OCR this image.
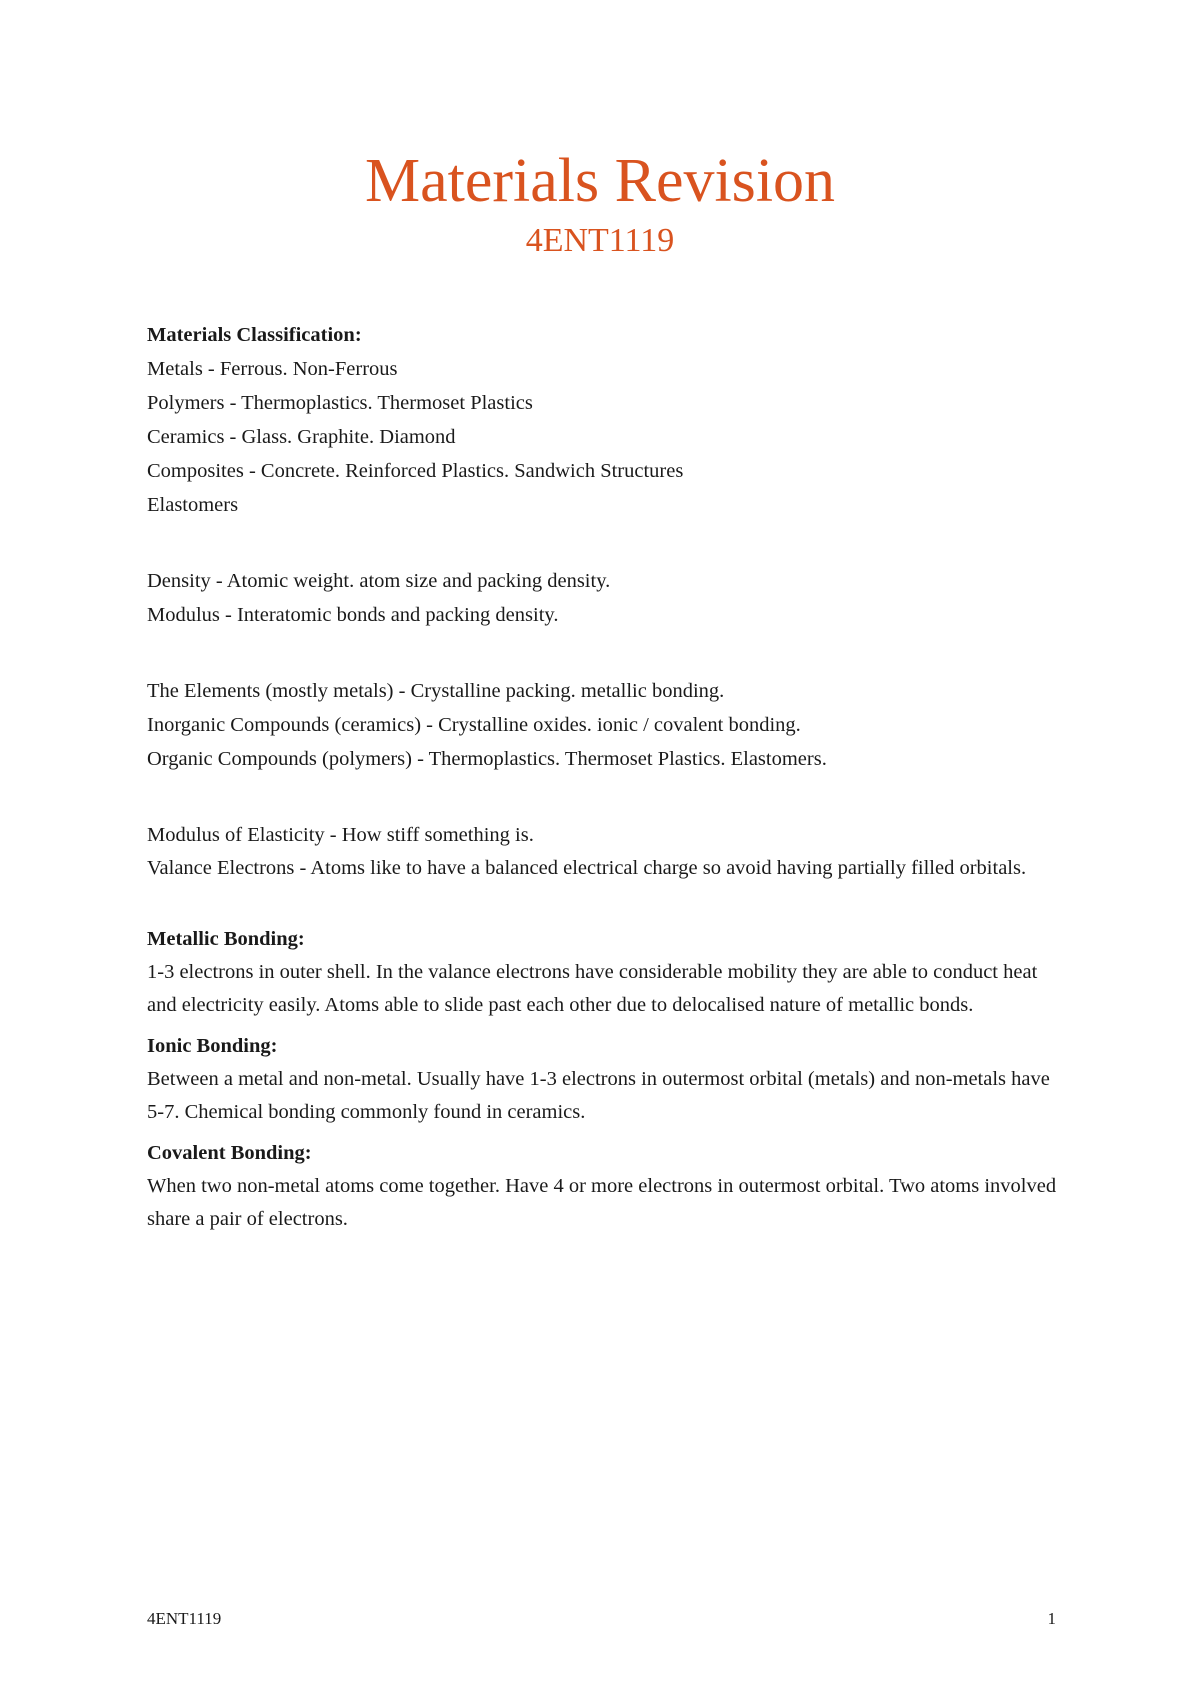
Materials Revision
4ENT1119

Materials Classification:

Metals - Ferrous. Non-Ferrous

Polymers - Thermoplastics. Thermoset Plastics

Ceramics - Glass. Graphite. Diamond

Composites - Concrete. Reinforced Plastics. Sandwich Structures

Elastomers

Density - Atomic weight. atom size and packing density.

Modulus - Interatomic bonds and packing density.

The Elements (mostly metals) - Crystalline packing. metallic bonding.

Inorganic Compounds (ceramics) - Crystalline oxides. ionic / covalent bonding.

Organic Compounds (polymers) - Thermoplastics. Thermoset Plastics. Elastomers.

Modulus of Elasticity - How stiff something is.

Valance Electrons - Atoms like to have a balanced electrical charge so avoid having partially filled orbitals.

Metallic Bonding:

1-3 electrons in outer shell. In the valance electrons have considerable mobility they are able to conduct heat and electricity easily. Atoms able to slide past each other due to delocalised nature of metallic bonds.

Ionic Bonding:

Between a metal and non-metal. Usually have 1-3 electrons in outermost orbital (metals) and non-metals have 5-7. Chemical bonding commonly found in ceramics.

Covalent Bonding:

When two non-metal atoms come together. Have 4 or more electrons in outermost orbital. Two atoms involved share a pair of electrons.

4ENT1119	1
